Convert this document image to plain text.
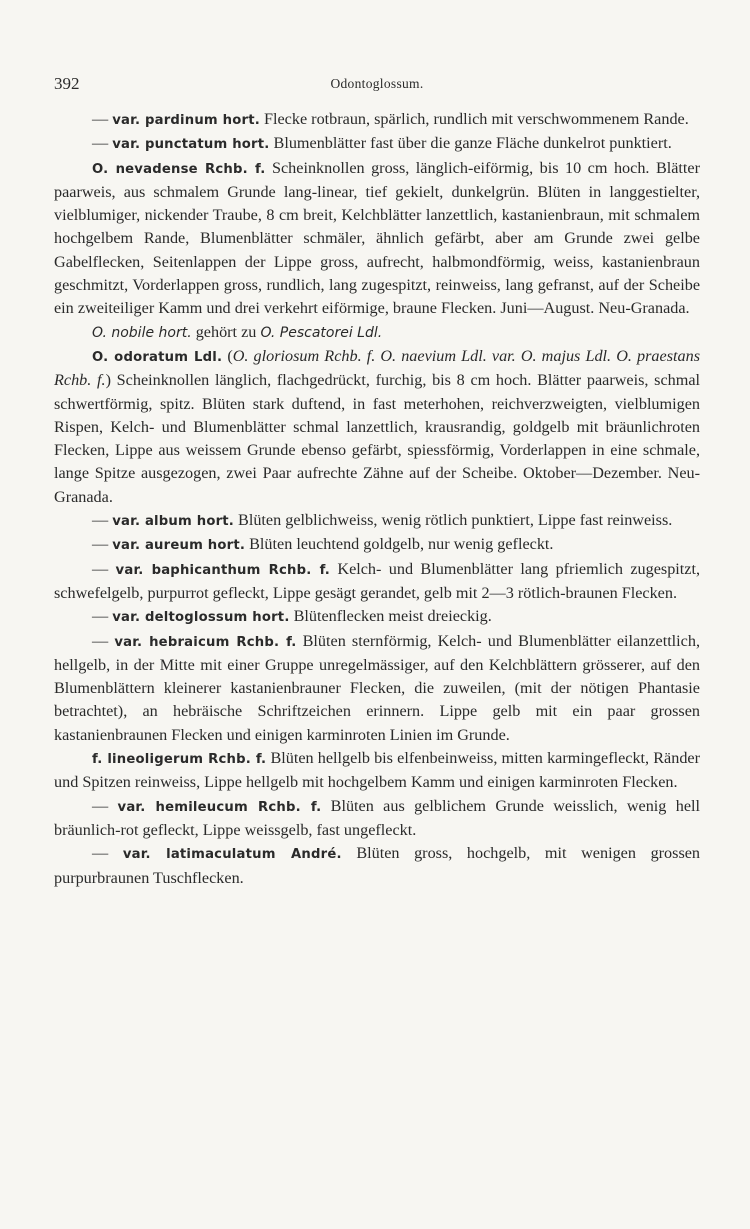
392	Odontoglossum.

— var. pardinum hort. Flecke rotbraun, spärlich, rundlich mit verschwommenem Rande.

— var. punctatum hort. Blumenblätter fast über die ganze Fläche dunkelrot punktiert.

O. nevadense Rchb. f. Scheinknollen gross, länglich-eiförmig, bis 10 cm hoch. Blätter paarweis, aus schmalem Grunde lang-linear, tief gekielt, dunkelgrün. Blüten in langgestielter, vielblumiger, nickender Traube, 8 cm breit, Kelchblätter lanzettlich, kastanienbraun, mit schmalem hochgelbem Rande, Blumenblätter schmäler, ähnlich gefärbt, aber am Grunde zwei gelbe Gabelflecken, Seitenlappen der Lippe gross, aufrecht, halbmondförmig, weiss, kastanienbraun geschmitzt, Vorderlappen gross, rundlich, lang zugespitzt, reinweiss, lang gefranst, auf der Scheibe ein zweiteiliger Kamm und drei verkehrt eiförmige, braune Flecken. Juni—August. Neu-Granada.

O. nobile hort. gehört zu O. Pescatorei Ldl.

O. odoratum Ldl. (O. gloriosum Rchb. f. O. naevium Ldl. var. O. majus Ldl. O. praestans Rchb. f.) Scheinknollen länglich, flachgedrückt, furchig, bis 8 cm hoch. Blätter paarweis, schmal schwertförmig, spitz. Blüten stark duftend, in fast meterhohen, reichverzweigten, vielblumigen Rispen, Kelch- und Blumenblätter schmal lanzettlich, krausrandig, goldgelb mit bräunlichroten Flecken, Lippe aus weissem Grunde ebenso gefärbt, spiessförmig, Vorderlappen in eine schmale, lange Spitze ausgezogen, zwei Paar aufrechte Zähne auf der Scheibe. Oktober—Dezember. Neu-Granada.

— var. album hort. Blüten gelblichweiss, wenig rötlich punktiert, Lippe fast reinweiss.

— var. aureum hort. Blüten leuchtend goldgelb, nur wenig gefleckt.

— var. baphicanthum Rchb. f. Kelch- und Blumenblätter lang pfriemlich zugespitzt, schwefelgelb, purpurrot gefleckt, Lippe gesägt gerandet, gelb mit 2—3 rötlich-braunen Flecken.

— var. deltoglossum hort. Blütenflecken meist dreieckig.

— var. hebraicum Rchb. f. Blüten sternförmig, Kelch- und Blumenblätter eilanzettlich, hellgelb, in der Mitte mit einer Gruppe unregelmässiger, auf den Kelchblättern grösserer, auf den Blumenblättern kleinerer kastanienbrauner Flecken, die zuweilen, (mit der nötigen Phantasie betrachtet), an hebräische Schriftzeichen erinnern. Lippe gelb mit ein paar grossen kastanienbraunen Flecken und einigen karminroten Linien im Grunde.

f. lineoligerum Rchb. f. Blüten hellgelb bis elfenbeinweiss, mitten karmingefleckt, Ränder und Spitzen reinweiss, Lippe hellgelb mit hochgelbem Kamm und einigen karminroten Flecken.

— var. hemileucum Rchb. f. Blüten aus gelblichem Grunde weisslich, wenig hell bräunlich-rot gefleckt, Lippe weissgelb, fast ungefleckt.

— var. latimaculatum André. Blüten gross, hochgelb, mit wenigen grossen purpurbraunen Tuschflecken.
